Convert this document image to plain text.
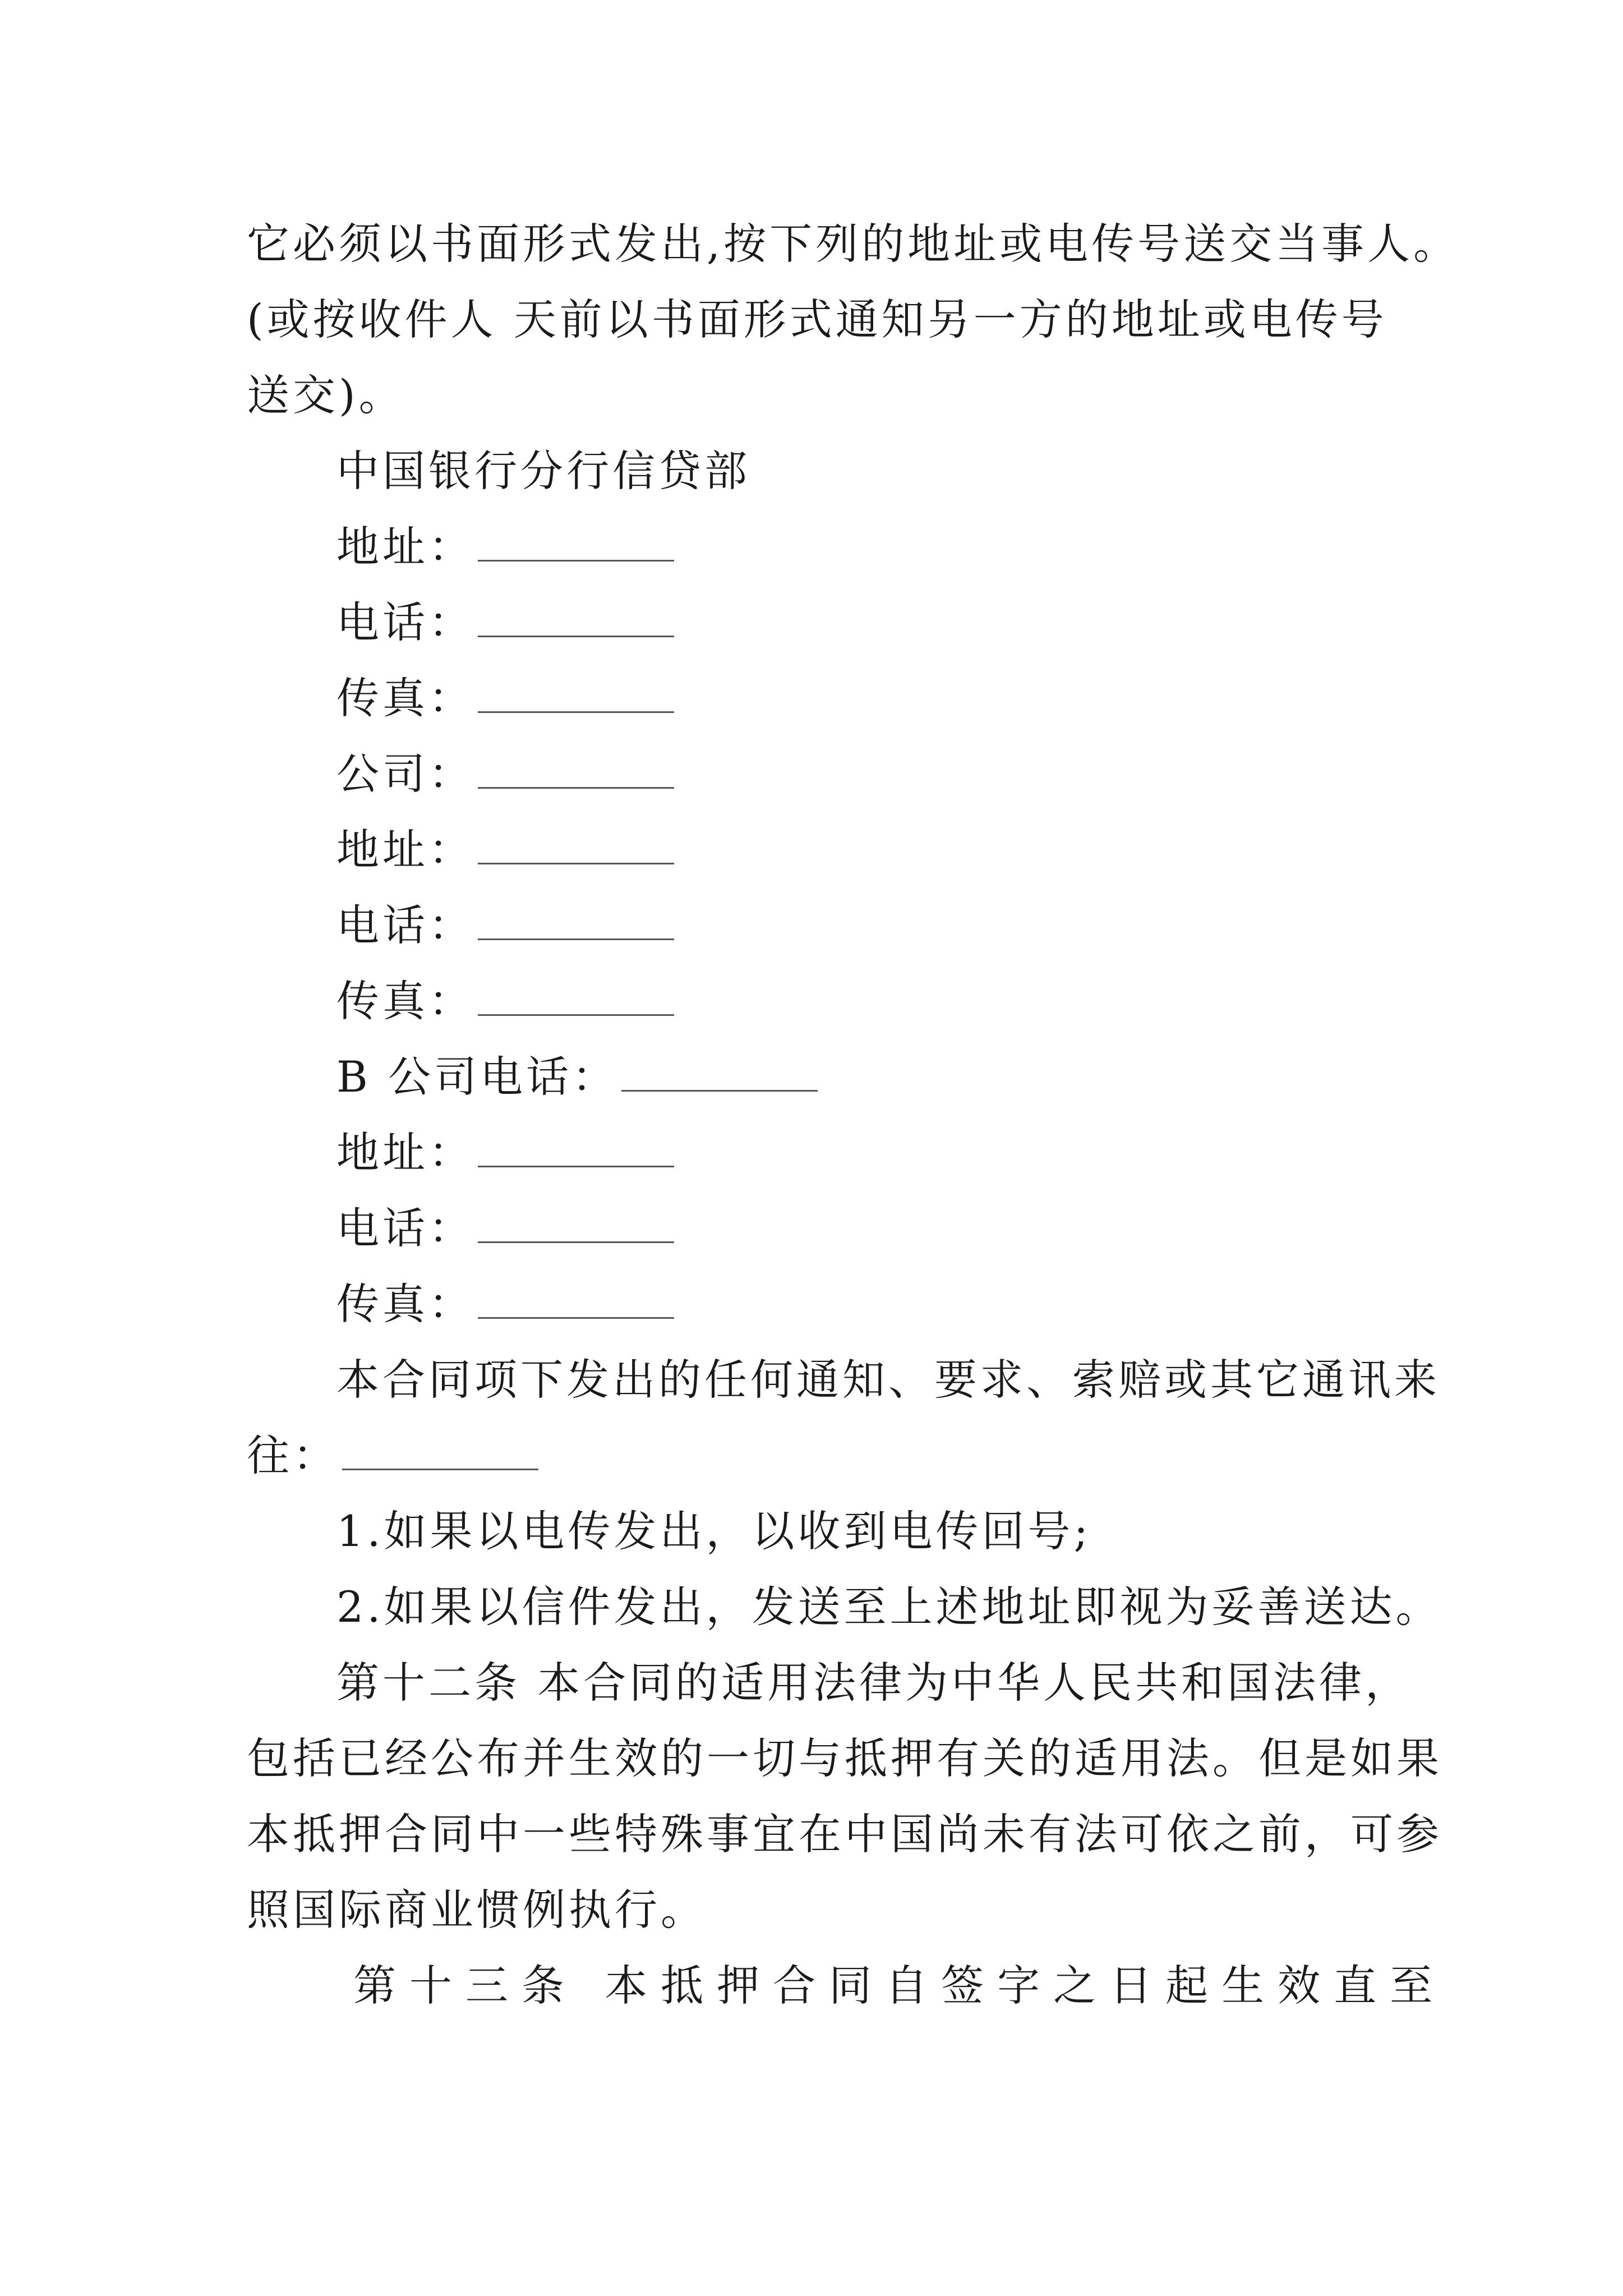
它必须以书面形式发出,按下列的地址或电传号送交当事人。
(或按收件人 天前以书面形式通知另一方的地址或电传号
送交)。
中国银行分行信贷部
地址：
电话：
传真：
公司：
地址：
电话：
传真：
B 公司电话：
地址：
电话：
传真：
本合同项下发出的任何通知、要求、索赔或其它通讯来
往：
1.如果以电传发出，以收到电传回号;
2.如果以信件发出，发送至上述地址即视为妥善送达。
第十二条 本合同的适用法律为中华人民共和国法律，
包括已经公布并生效的一切与抵押有关的适用法。但是如果
本抵押合同中一些特殊事宜在中国尚未有法可依之前，可参
照国际商业惯例执行。
第十三条 本抵押合同自签字之日起生效直至
